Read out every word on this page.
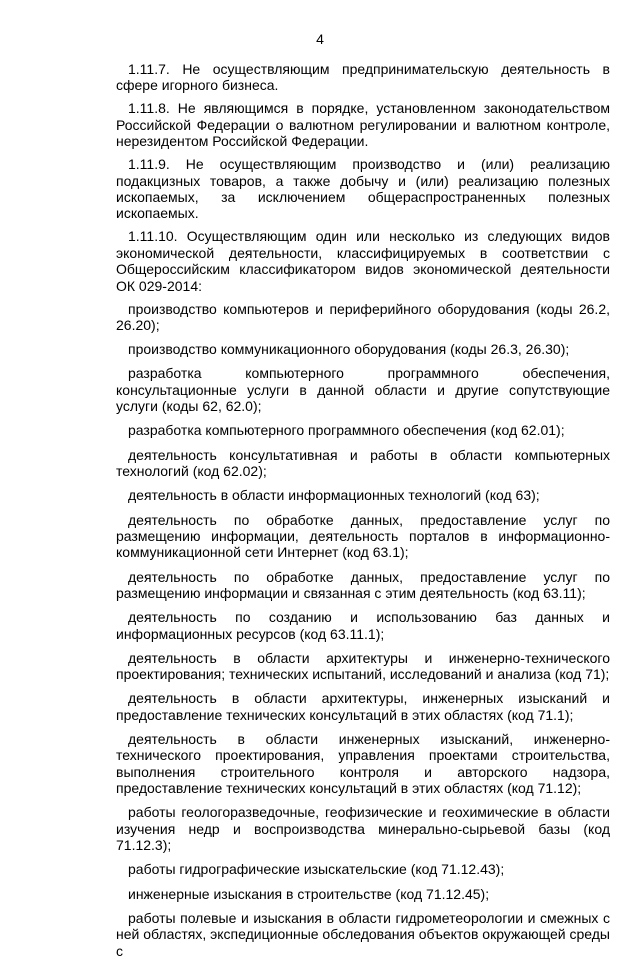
4

1.11.7. Не осуществляющим предпринимательскую деятельность в сфере игорного бизнеса.

1.11.8. Не являющимся в порядке, установленном законодательством Российской Федерации о валютном регулировании и валютном контроле, нерезидентом Российской Федерации.

1.11.9. Не осуществляющим производство и (или) реализацию подакцизных товаров, а также добычу и (или) реализацию полезных ископаемых, за исключением общераспространенных полезных ископаемых.

1.11.10. Осуществляющим один или несколько из следующих видов экономической деятельности, классифицируемых в соответствии с Общероссийским классификатором видов экономической деятельности ОК 029-2014:

производство компьютеров и периферийного оборудования (коды 26.2, 26.20);

производство коммуникационного оборудования (коды 26.3, 26.30);

разработка компьютерного программного обеспечения, консультационные услуги в данной области и другие сопутствующие услуги (коды 62, 62.0);

разработка компьютерного программного обеспечения (код 62.01);

деятельность консультативная и работы в области компьютерных технологий (код 62.02);

деятельность в области информационных технологий (код 63);

деятельность по обработке данных, предоставление услуг по размещению информации, деятельность порталов в информационно-коммуникационной сети Интернет (код 63.1);

деятельность по обработке данных, предоставление услуг по размещению информации и связанная с этим деятельность (код 63.11);

деятельность по созданию и использованию баз данных и информационных ресурсов (код 63.11.1);

деятельность в области архитектуры и инженерно-технического проектирования; технических испытаний, исследований и анализа (код 71);

деятельность в области архитектуры, инженерных изысканий и предоставление технических консультаций в этих областях (код 71.1);

деятельность в области инженерных изысканий, инженерно-технического проектирования, управления проектами строительства, выполнения строительного контроля и авторского надзора, предоставление технических консультаций в этих областях (код 71.12);

работы геологоразведочные, геофизические и геохимические в области изучения недр и воспроизводства минерально-сырьевой базы (код 71.12.3);

работы гидрографические изыскательские (код 71.12.43);

инженерные изыскания в строительстве (код 71.12.45);

работы полевые и изыскания в области гидрометеорологии и смежных с ней областях, экспедиционные обследования объектов окружающей среды с
